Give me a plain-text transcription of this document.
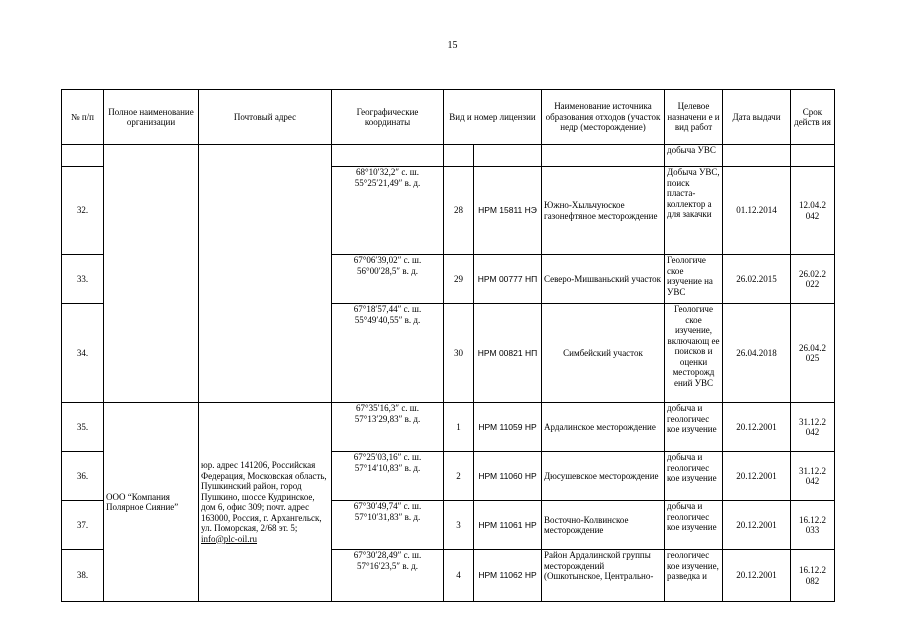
15
№ п/п	Полное наименование организации	Почтовый адрес	Географические координаты	Вид и номер лицензии		Наименование источника образования отходов (участок недр (месторождение)	Целевое назначени е и вид работ	Дата выдачи	Срок действ ия
							добыча УВС		
32.			68°10′32,2″ с. ш. 55°25′21,49″ в. д.	28	НРМ 15811 НЭ	Южно-Хыльчуюское газонефтяное месторождение	Добыча УВС, поиск пласта-коллектор а для закачки	01.12.2014	12.04.2 042
33.			67°06′39,02″ с. ш. 56°00′28,5″ в. д.	29	НРМ 00777 НП	Северо-Мишваньский участок	Геологиче ское изучение на УВС	26.02.2015	26.02.2 022
34.			67°18′57,44″ с. ш. 55°49′40,55″ в. д.	30	НРМ 00821 НП	Симбейский участок	Геологиче ское изучение, включающ ее поисков и оценки месторожд ений УВС	26.04.2018	26.04.2 025
35.	ООО “Компания Полярное Сияние”	юр. адрес 141206, Российская Федерация, Московская область, Пушкинский район, город Пушкино, шоссе Кудринское, дом 6, офис 309; почт. адрес 163000, Россия, г. Архангельск, ул. Поморская, 2/68 эт. 5; info@plc-oil.ru	67°35′16,3″ с. ш. 57°13′29,83″ в. д.	1	НРМ 11059 НР	Ардалинское месторождение	добыча и геологичес кое изучение	20.12.2001	31.12.2 042
36.			67°25′03,16″ с. ш. 57°14′10,83″ в. д.	2	НРМ 11060 НР	Дюсушевское месторождение	добыча и геологичес кое изучение	20.12.2001	31.12.2 042
37.			67°30′49,74″ с. ш. 57°10′31,83″ в. д.	3	НРМ 11061 НР	Восточно-Колвинское месторождение	добыча и геологичес кое изучение	20.12.2001	16.12.2 033
38.			67°30′28,49″ с. ш. 57°16′23,5″ в. д.	4	НРМ 11062 НР	Район Ардалинской группы месторождений (Ошкотынское, Центрально-	геологичес кое изучение, разведка и	20.12.2001	16.12.2 082
